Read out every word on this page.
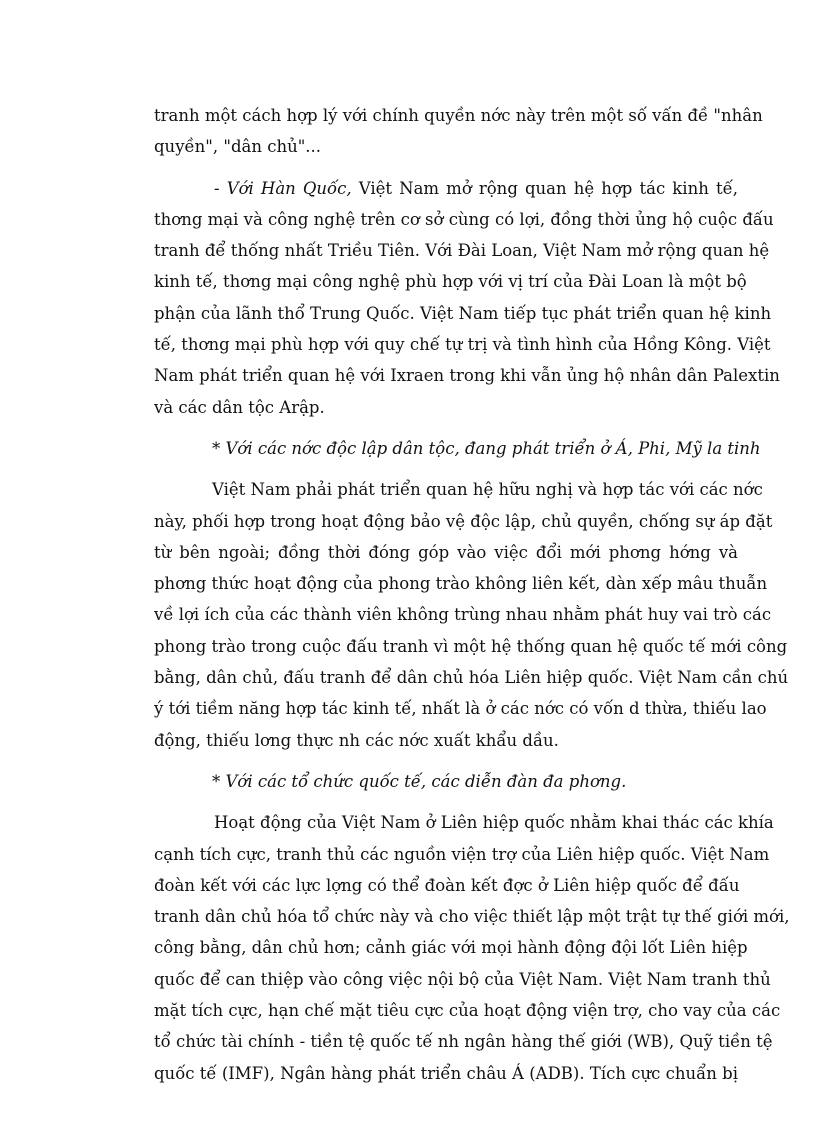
tranh một cách hợp lý với chính quyền nớc này trên một số vấn đề "nhân
quyền", "dân chủ"...
- Với Hàn Quốc, Việt Nam mở rộng quan hệ hợp tác kinh tế,
thơng mại và công nghệ trên cơ sở cùng có lợi, đồng thời ủng hộ cuộc đấu
tranh để thống nhất Triều Tiên. Với Đài Loan, Việt Nam mở rộng quan hệ
kinh tế, thơng mại công nghệ phù hợp với vị trí của Đài Loan là một bộ
phận của lãnh thổ Trung Quốc. Việt Nam tiếp tục phát triển quan hệ kinh
tế, thơng mại phù hợp với quy chế tự trị và tình hình của Hồng Kông. Việt
Nam phát triển quan hệ với Ixraen trong khi vẫn ủng hộ nhân dân Palextin
và các dân tộc Arập.
* Với các nớc độc lập dân tộc, đang phát triển ở Á, Phi, Mỹ la tinh
Việt Nam phải phát triển quan hệ hữu nghị và hợp tác với các nớc
này, phối hợp trong hoạt động bảo vệ độc lập, chủ quyền, chống sự áp đặt
từ bên ngoài; đồng thời đóng góp vào việc đổi mới phơng hớng và
phơng thức hoạt động của phong trào không liên kết, dàn xếp mâu thuẫn
về lợi ích của các thành viên không trùng nhau nhằm phát huy vai trò các
phong trào trong cuộc đấu tranh vì một hệ thống quan hệ quốc tế mới công
bằng, dân chủ, đấu tranh để dân chủ hóa Liên hiệp quốc. Việt Nam cần chú
ý tới tiềm năng hợp tác kinh tế, nhất là ở các nớc có vốn d thừa, thiếu lao
động, thiếu lơng thực nh các nớc xuất khẩu dầu.
* Với các tổ chức quốc tế, các diễn đàn đa phơng.
Hoạt động của Việt Nam ở Liên hiệp quốc nhằm khai thác các khía
cạnh tích cực, tranh thủ các nguồn viện trợ của Liên hiệp quốc. Việt Nam
đoàn kết với các lực lợng có thể đoàn kết đợc ở Liên hiệp quốc để đấu
tranh dân chủ hóa tổ chức này và cho việc thiết lập một trật tự thế giới mới,
công bằng, dân chủ hơn; cảnh giác với mọi hành động đội lốt Liên hiệp
quốc để can thiệp vào công việc nội bộ của Việt Nam. Việt Nam tranh thủ
mặt tích cực, hạn chế mặt tiêu cực của hoạt động viện trợ, cho vay của các
tổ chức tài chính - tiền tệ quốc tế nh ngân hàng thế giới (WB), Quỹ tiền tệ
quốc tế (IMF), Ngân hàng phát triển châu Á (ADB). Tích cực chuẩn bị
